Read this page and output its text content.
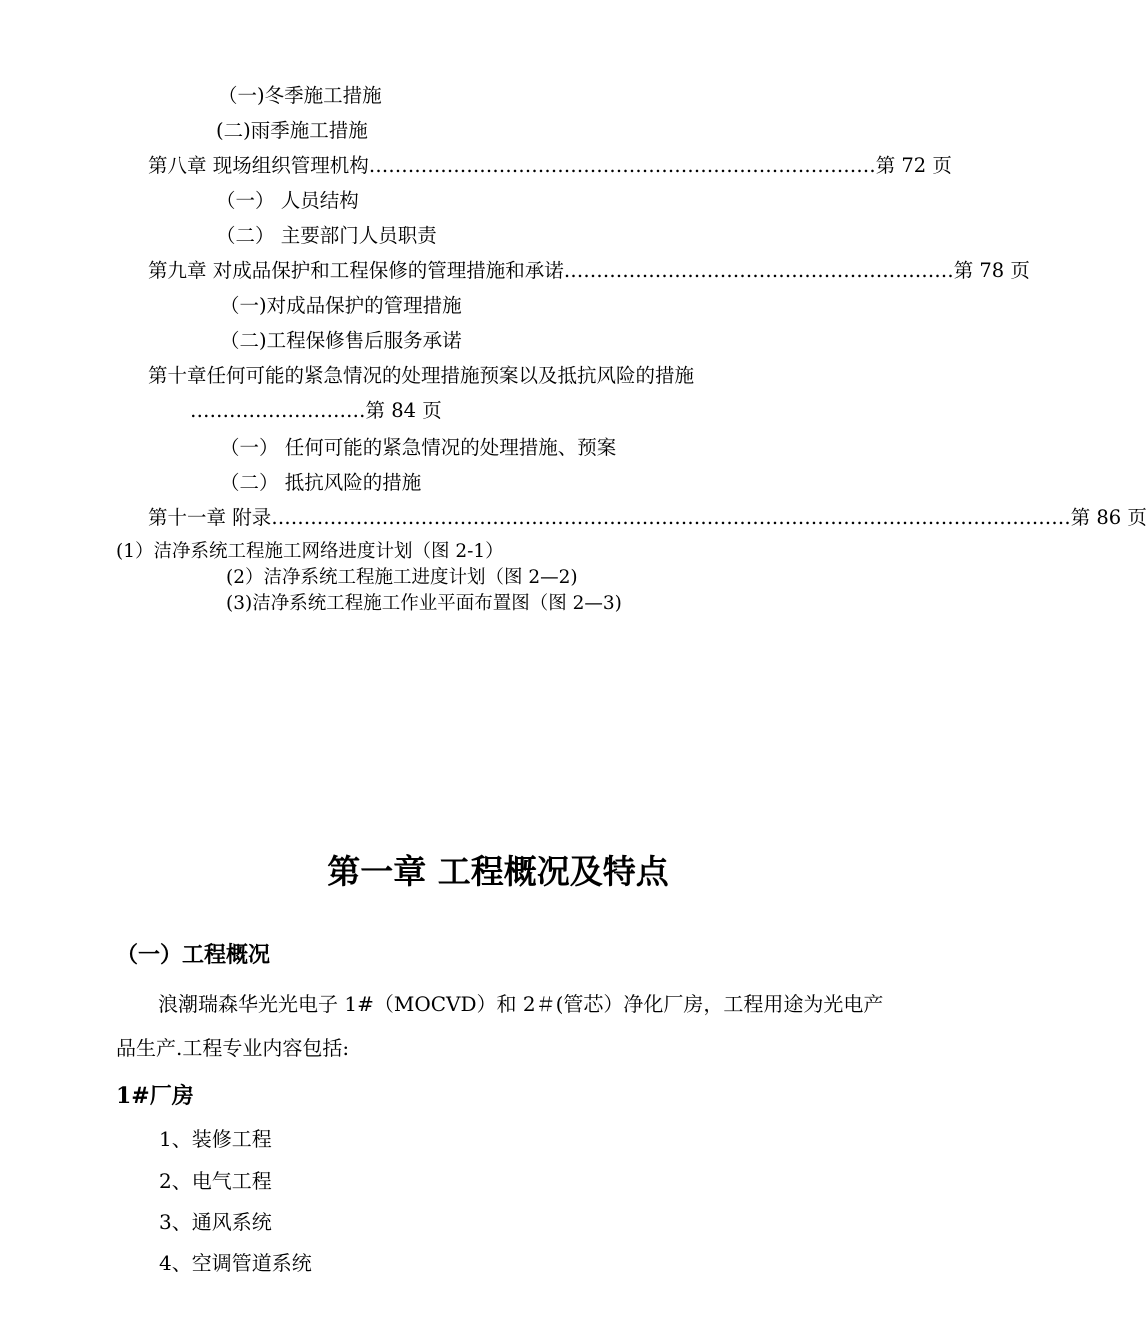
（一)冬季施工措施

(二)雨季施工措施

第八章 现场组织管理机构 …………………………………………………………………… 第 72 页

（一） 人员结构

（二） 主要部门人员职责

第九章 对成品保护和工程保修的管理措施和承诺 …………………………………………………… 第 78 页

（一)对成品保护的管理措施

（二)工程保修售后服务承诺

第十章任何可能的紧急情况的处理措施预案以及抵抗风险的措施

………………………第 84 页

（一） 任何可能的紧急情况的处理措施、预案

（二） 抵抗风险的措施

第十一章 附录 …………………………………………………………………………………………………………… 第 86 页

(1）洁净系统工程施工网络进度计划（图 2-1）

(2）洁净系统工程施工进度计划（图 2—2)

(3)洁净系统工程施工作业平面布置图（图 2—3)

第一章 工程概况及特点
（一）工程概况

浪潮瑞森华光光电子 1#（MOCVD）和 2＃(管芯）净化厂房，工程用途为光电产品生产.工程专业内容包括:

1#厂房

1、装修工程

2、电气工程

3、通风系统

4、空调管道系统
